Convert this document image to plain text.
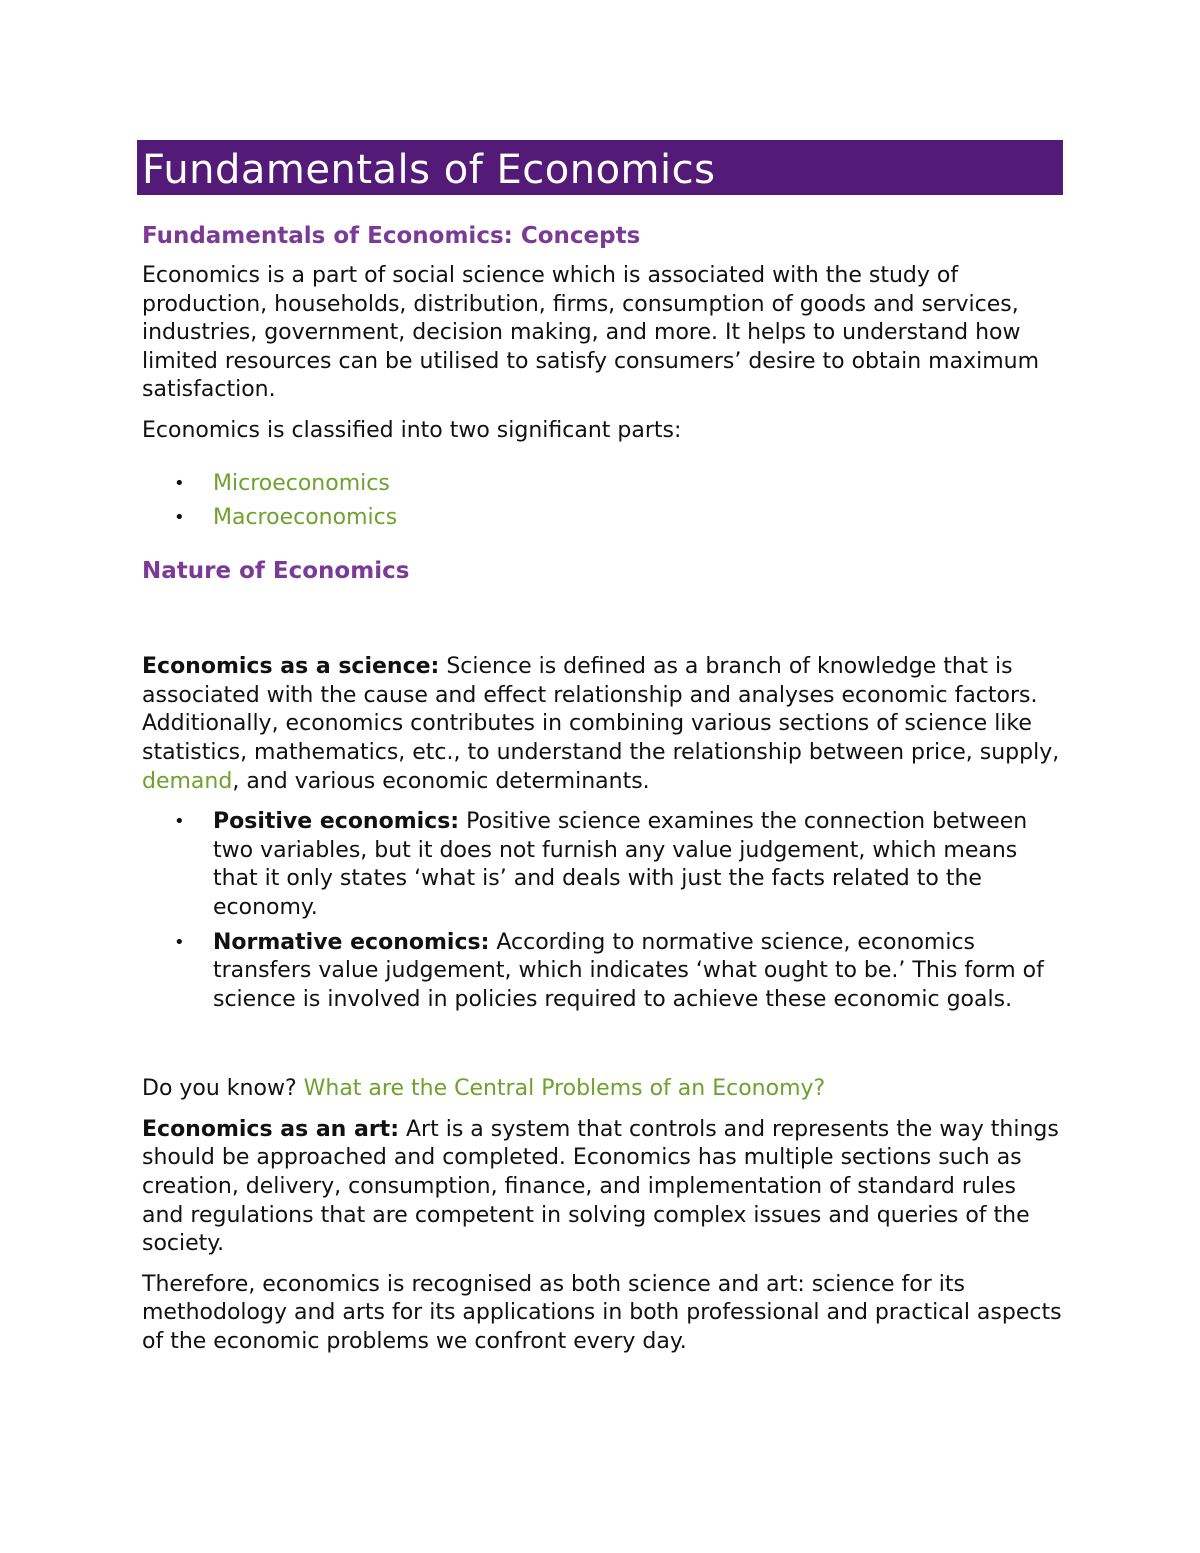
Fundamentals of Economics
Fundamentals of Economics: Concepts

Economics is a part of social science which is associated with the study of production, households, distribution, firms, consumption of goods and services, industries, government, decision making, and more. It helps to understand how limited resources can be utilised to satisfy consumers’ desire to obtain maximum satisfaction.

Economics is classified into two significant parts:

• Microeconomics
• Macroeconomics
Nature of Economics

Economics as a science: Science is defined as a branch of knowledge that is associated with the cause and effect relationship and analyses economic factors. Additionally, economics contributes in combining various sections of science like statistics, mathematics, etc., to understand the relationship between price, supply, demand, and various economic determinants.

• Positive economics: Positive science examines the connection between two variables, but it does not furnish any value judgement, which means that it only states ‘what is’ and deals with just the facts related to the economy.
• Normative economics: According to normative science, economics transfers value judgement, which indicates ‘what ought to be.’ This form of science is involved in policies required to achieve these economic goals.

Do you know? What are the Central Problems of an Economy?

Economics as an art: Art is a system that controls and represents the way things should be approached and completed. Economics has multiple sections such as creation, delivery, consumption, finance, and implementation of standard rules and regulations that are competent in solving complex issues and queries of the society.

Therefore, economics is recognised as both science and art: science for its methodology and arts for its applications in both professional and practical aspects of the economic problems we confront every day.
